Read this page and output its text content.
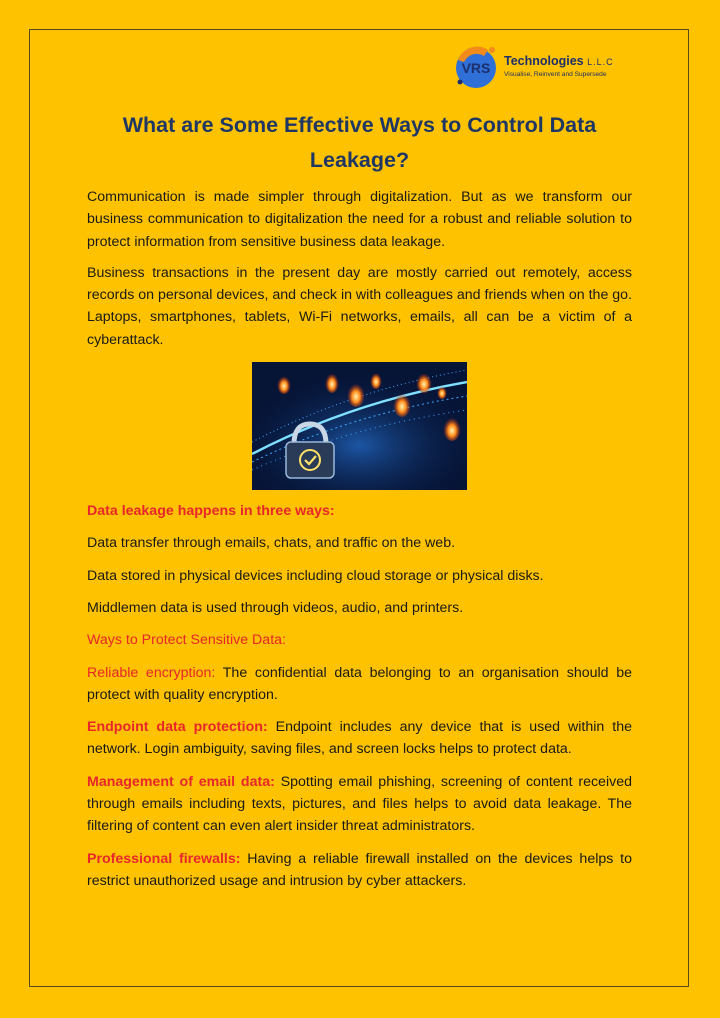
VRS Technologies L.L.C
Visualise, Reinvent and Supersede
What are Some Effective Ways to Control Data Leakage?

Communication is made simpler through digitalization. But as we transform our business communication to digitalization the need for a robust and reliable solution to protect information from sensitive business data leakage.

Business transactions in the present day are mostly carried out remotely, access records on personal devices, and check in with colleagues and friends when on the go. Laptops, smartphones, tablets, Wi-Fi networks, emails, all can be a victim of a cyberattack.

Data leakage happens in three ways:

Data transfer through emails, chats, and traffic on the web.

Data stored in physical devices including cloud storage or physical disks.

Middlemen data is used through videos, audio, and printers.

Ways to Protect Sensitive Data:

Reliable encryption: The confidential data belonging to an organisation should be protect with quality encryption.

Endpoint data protection: Endpoint includes any device that is used within the network. Login ambiguity, saving files, and screen locks helps to protect data.

Management of email data: Spotting email phishing, screening of content received through emails including texts, pictures, and files helps to avoid data leakage. The filtering of content can even alert insider threat administrators.

Professional firewalls: Having a reliable firewall installed on the devices helps to restrict unauthorized usage and intrusion by cyber attackers.
